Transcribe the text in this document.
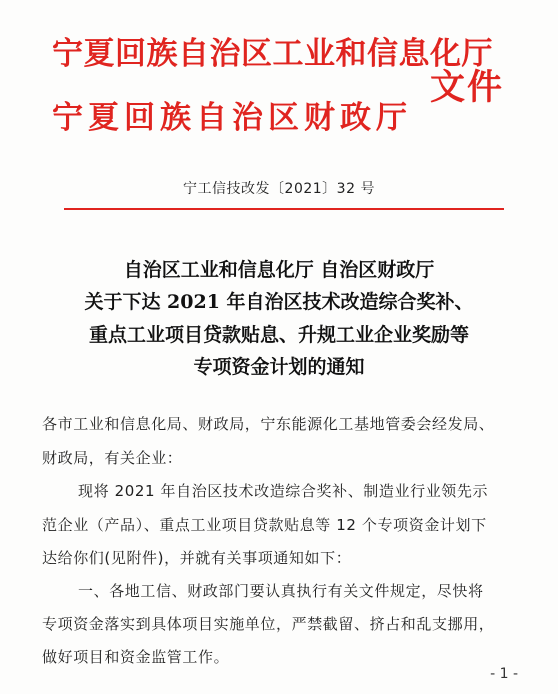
宁夏回族自治区工业和信息化厅
宁夏回族自治区财政厅
文件
宁工信技改发〔2021〕32 号
自治区工业和信息化厅 自治区财政厅
关于下达 2021 年自治区技术改造综合奖补、
重点工业项目贷款贴息、升规工业企业奖励等
专项资金计划的通知
各市工业和信息化局、财政局，宁东能源化工基地管委会经发局、
财政局，有关企业：
现将 2021 年自治区技术改造综合奖补、制造业行业领先示
范企业（产品）、重点工业项目贷款贴息等 12 个专项资金计划下
达给你们(见附件)，并就有关事项通知如下：
一、各地工信、财政部门要认真执行有关文件规定，尽快将
专项资金落实到具体项目实施单位，严禁截留、挤占和乱支挪用，
做好项目和资金监管工作。
- 1 -
